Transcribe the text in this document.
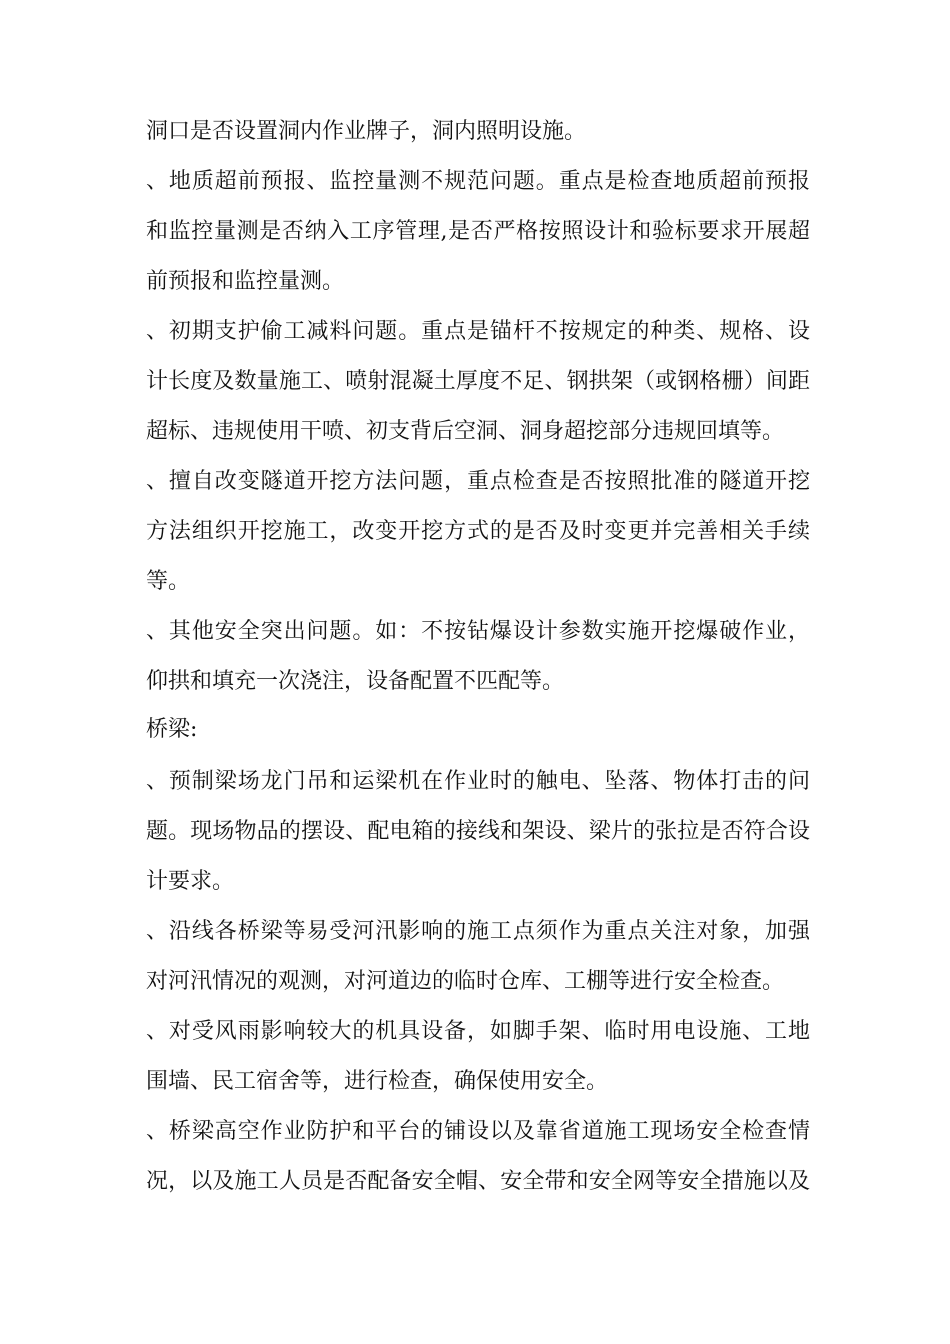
洞口是否设置洞内作业牌子，洞内照明设施。
、地质超前预报、监控量测不规范问题。重点是检查地质超前预报
和监控量测是否纳入工序管理,是否严格按照设计和验标要求开展超
前预报和监控量测。
、初期支护偷工减料问题。重点是锚杆不按规定的种类、规格、设
计长度及数量施工、喷射混凝土厚度不足、钢拱架（或钢格栅）间距
超标、违规使用干喷、初支背后空洞、洞身超挖部分违规回填等。
、擅自改变隧道开挖方法问题，重点检查是否按照批准的隧道开挖
方法组织开挖施工，改变开挖方式的是否及时变更并完善相关手续
等。
、其他安全突出问题。如：不按钻爆设计参数实施开挖爆破作业，
仰拱和填充一次浇注，设备配置不匹配等。
桥梁:
、预制梁场龙门吊和运梁机在作业时的触电、坠落、物体打击的问
题。现场物品的摆设、配电箱的接线和架设、梁片的张拉是否符合设
计要求。
、沿线各桥梁等易受河汛影响的施工点须作为重点关注对象，加强
对河汛情况的观测，对河道边的临时仓库、工棚等进行安全检查。
、对受风雨影响较大的机具设备，如脚手架、临时用电设施、工地
围墙、民工宿舍等，进行检查，确保使用安全。
、桥梁高空作业防护和平台的铺设以及靠省道施工现场安全检查情
况，以及施工人员是否配备安全帽、安全带和安全网等安全措施以及
